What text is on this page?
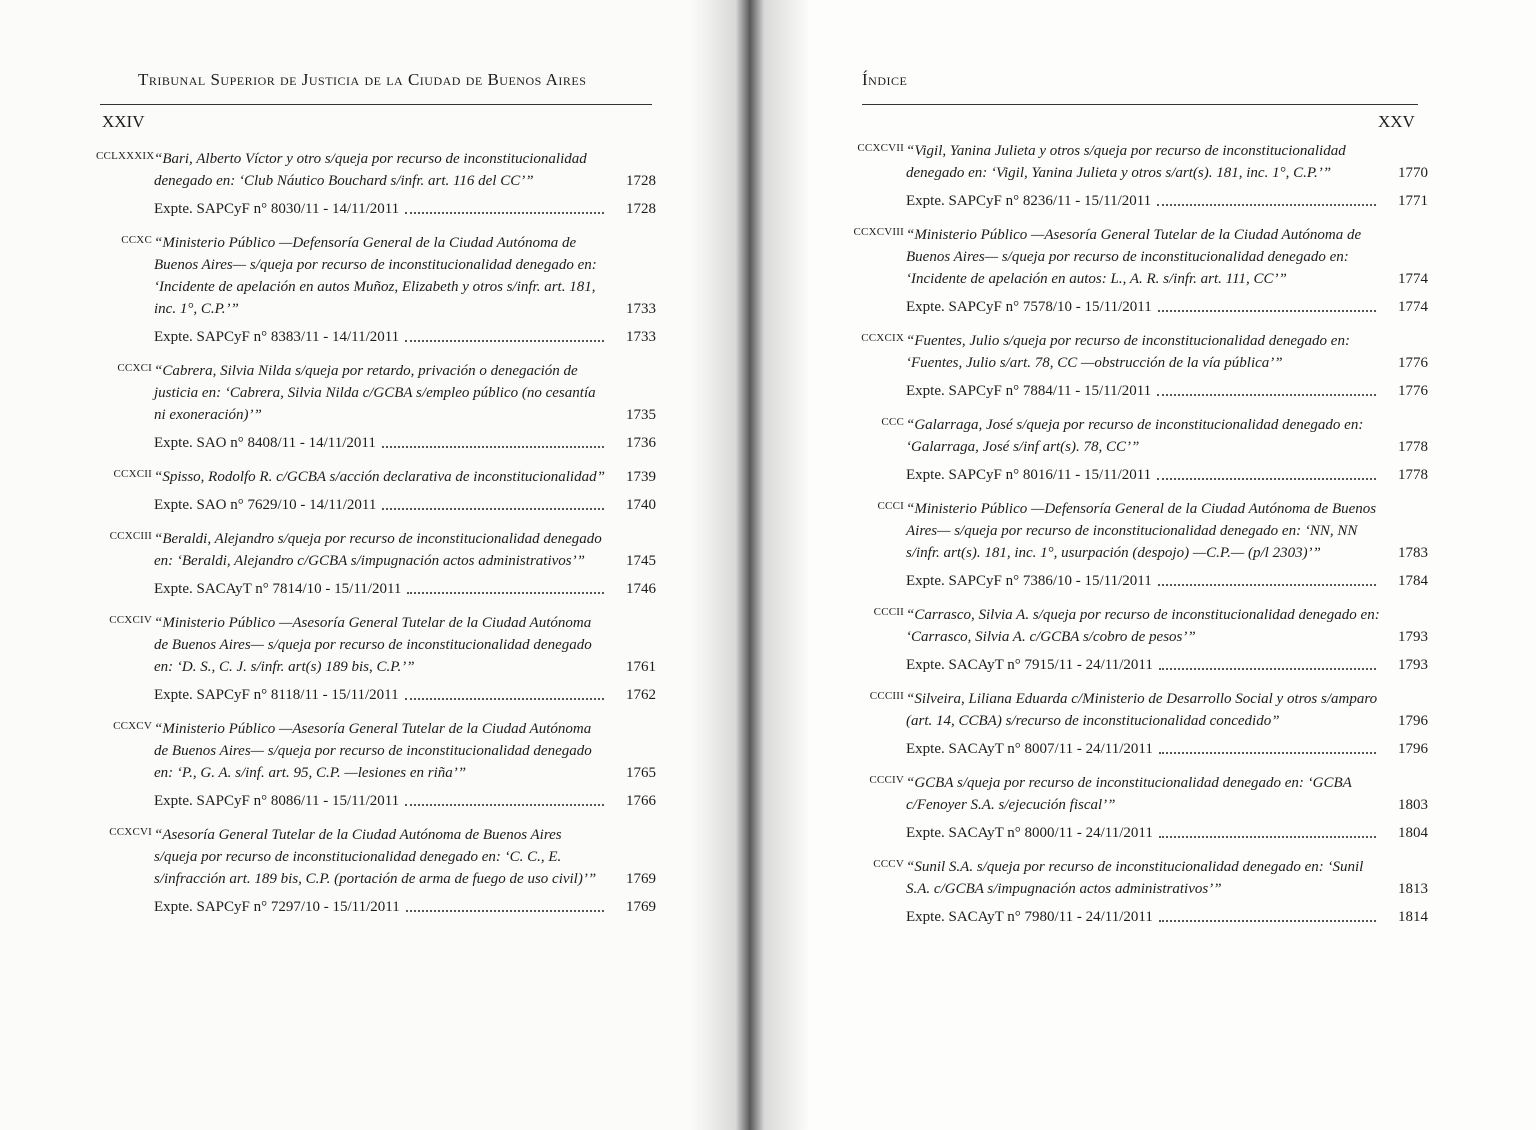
Tribunal Superior de Justicia de la Ciudad de Buenos Aires
XXIV
CCLXXXIX “Bari, Alberto Víctor y otro s/queja por recurso de inconstitucionalidad denegado en: ‘Club Náutico Bouchard s/infr. art. 116 del CC’”	1728
Expte. SAPCyF n° 8030/11 - 14/11/2011	1728
CCXC “Ministerio Público —Defensoría General de la Ciudad Autónoma de Buenos Aires— s/queja por recurso de inconstitucionalidad denegado en: ‘Incidente de apelación en autos Muñoz, Elizabeth y otros s/infr. art. 181, inc. 1°, C.P.’”	1733
Expte. SAPCyF n° 8383/11 - 14/11/2011	1733
CCXCI “Cabrera, Silvia Nilda s/queja por retardo, privación o denegación de justicia en: ‘Cabrera, Silvia Nilda c/GCBA s/empleo público (no cesantía ni exoneración)’”	1735
Expte. SAO n° 8408/11 - 14/11/2011	1736
CCXCII “Spisso, Rodolfo R. c/GCBA s/acción declarativa de inconstitucionalidad”	1739
Expte. SAO n° 7629/10 - 14/11/2011	1740
CCXCIII “Beraldi, Alejandro s/queja por recurso de inconstitucionalidad denegado en: ‘Beraldi, Alejandro c/GCBA s/impugnación actos administrativos’”	1745
Expte. SACAyT n° 7814/10 - 15/11/2011	1746
CCXCIV “Ministerio Público —Asesoría General Tutelar de la Ciudad Autónoma de Buenos Aires— s/queja por recurso de inconstitucionalidad denegado en: ‘D. S., C. J. s/infr. art(s) 189 bis, C.P.’”	1761
Expte. SAPCyF n° 8118/11 - 15/11/2011	1762
CCXCV “Ministerio Público —Asesoría General Tutelar de la Ciudad Autónoma de Buenos Aires— s/queja por recurso de inconstitucionalidad denegado en: ‘P., G. A. s/inf. art. 95, C.P. —lesiones en riña’”	1765
Expte. SAPCyF n° 8086/11 - 15/11/2011	1766
CCXCVI “Asesoría General Tutelar de la Ciudad Autónoma de Buenos Aires s/queja por recurso de inconstitucionalidad denegado en: ‘C. C., E. s/infracción art. 189 bis, C.P. (portación de arma de fuego de uso civil)’”	1769
Expte. SAPCyF n° 7297/10 - 15/11/2011	1769
Índice
XXV
CCXCVII “Vigil, Yanina Julieta y otros s/queja por recurso de inconstitucionalidad denegado en: ‘Vigil, Yanina Julieta y otros s/art(s). 181, inc. 1°, C.P.’”	1770
Expte. SAPCyF n° 8236/11 - 15/11/2011	1771
CCXCVIII “Ministerio Público —Asesoría General Tutelar de la Ciudad Autónoma de Buenos Aires— s/queja por recurso de inconstitucionalidad denegado en: ‘Incidente de apelación en autos: L., A. R. s/infr. art. 111, CC’”	1774
Expte. SAPCyF n° 7578/10 - 15/11/2011	1774
CCXCIX “Fuentes, Julio s/queja por recurso de inconstitucionalidad denegado en: ‘Fuentes, Julio s/art. 78, CC —obstrucción de la vía pública’”	1776
Expte. SAPCyF n° 7884/11 - 15/11/2011	1776
CCC “Galarraga, José s/queja por recurso de inconstitucionalidad denegado en: ‘Galarraga, José s/inf art(s). 78, CC’”	1778
Expte. SAPCyF n° 8016/11 - 15/11/2011	1778
CCCI “Ministerio Público —Defensoría General de la Ciudad Autónoma de Buenos Aires— s/queja por recurso de inconstitucionalidad denegado en: ‘NN, NN s/infr. art(s). 181, inc. 1°, usurpación (despojo) —C.P.— (p/l 2303)’”	1783
Expte. SAPCyF n° 7386/10 - 15/11/2011	1784
CCCII “Carrasco, Silvia A. s/queja por recurso de inconstitucionalidad denegado en: ‘Carrasco, Silvia A. c/GCBA s/cobro de pesos’”	1793
Expte. SACAyT n° 7915/11 - 24/11/2011	1793
CCCIII “Silveira, Liliana Eduarda c/Ministerio de Desarrollo Social y otros s/amparo (art. 14, CCBA) s/recurso de inconstitucionalidad concedido”	1796
Expte. SACAyT n° 8007/11 - 24/11/2011	1796
CCCIV “GCBA s/queja por recurso de inconstitucionalidad denegado en: ‘GCBA c/Fenoyer S.A. s/ejecución fiscal’”	1803
Expte. SACAyT n° 8000/11 - 24/11/2011	1804
CCCV “Sunil S.A. s/queja por recurso de inconstitucionalidad denegado en: ‘Sunil S.A. c/GCBA s/impugnación actos administrativos’”	1813
Expte. SACAyT n° 7980/11 - 24/11/2011	1814
